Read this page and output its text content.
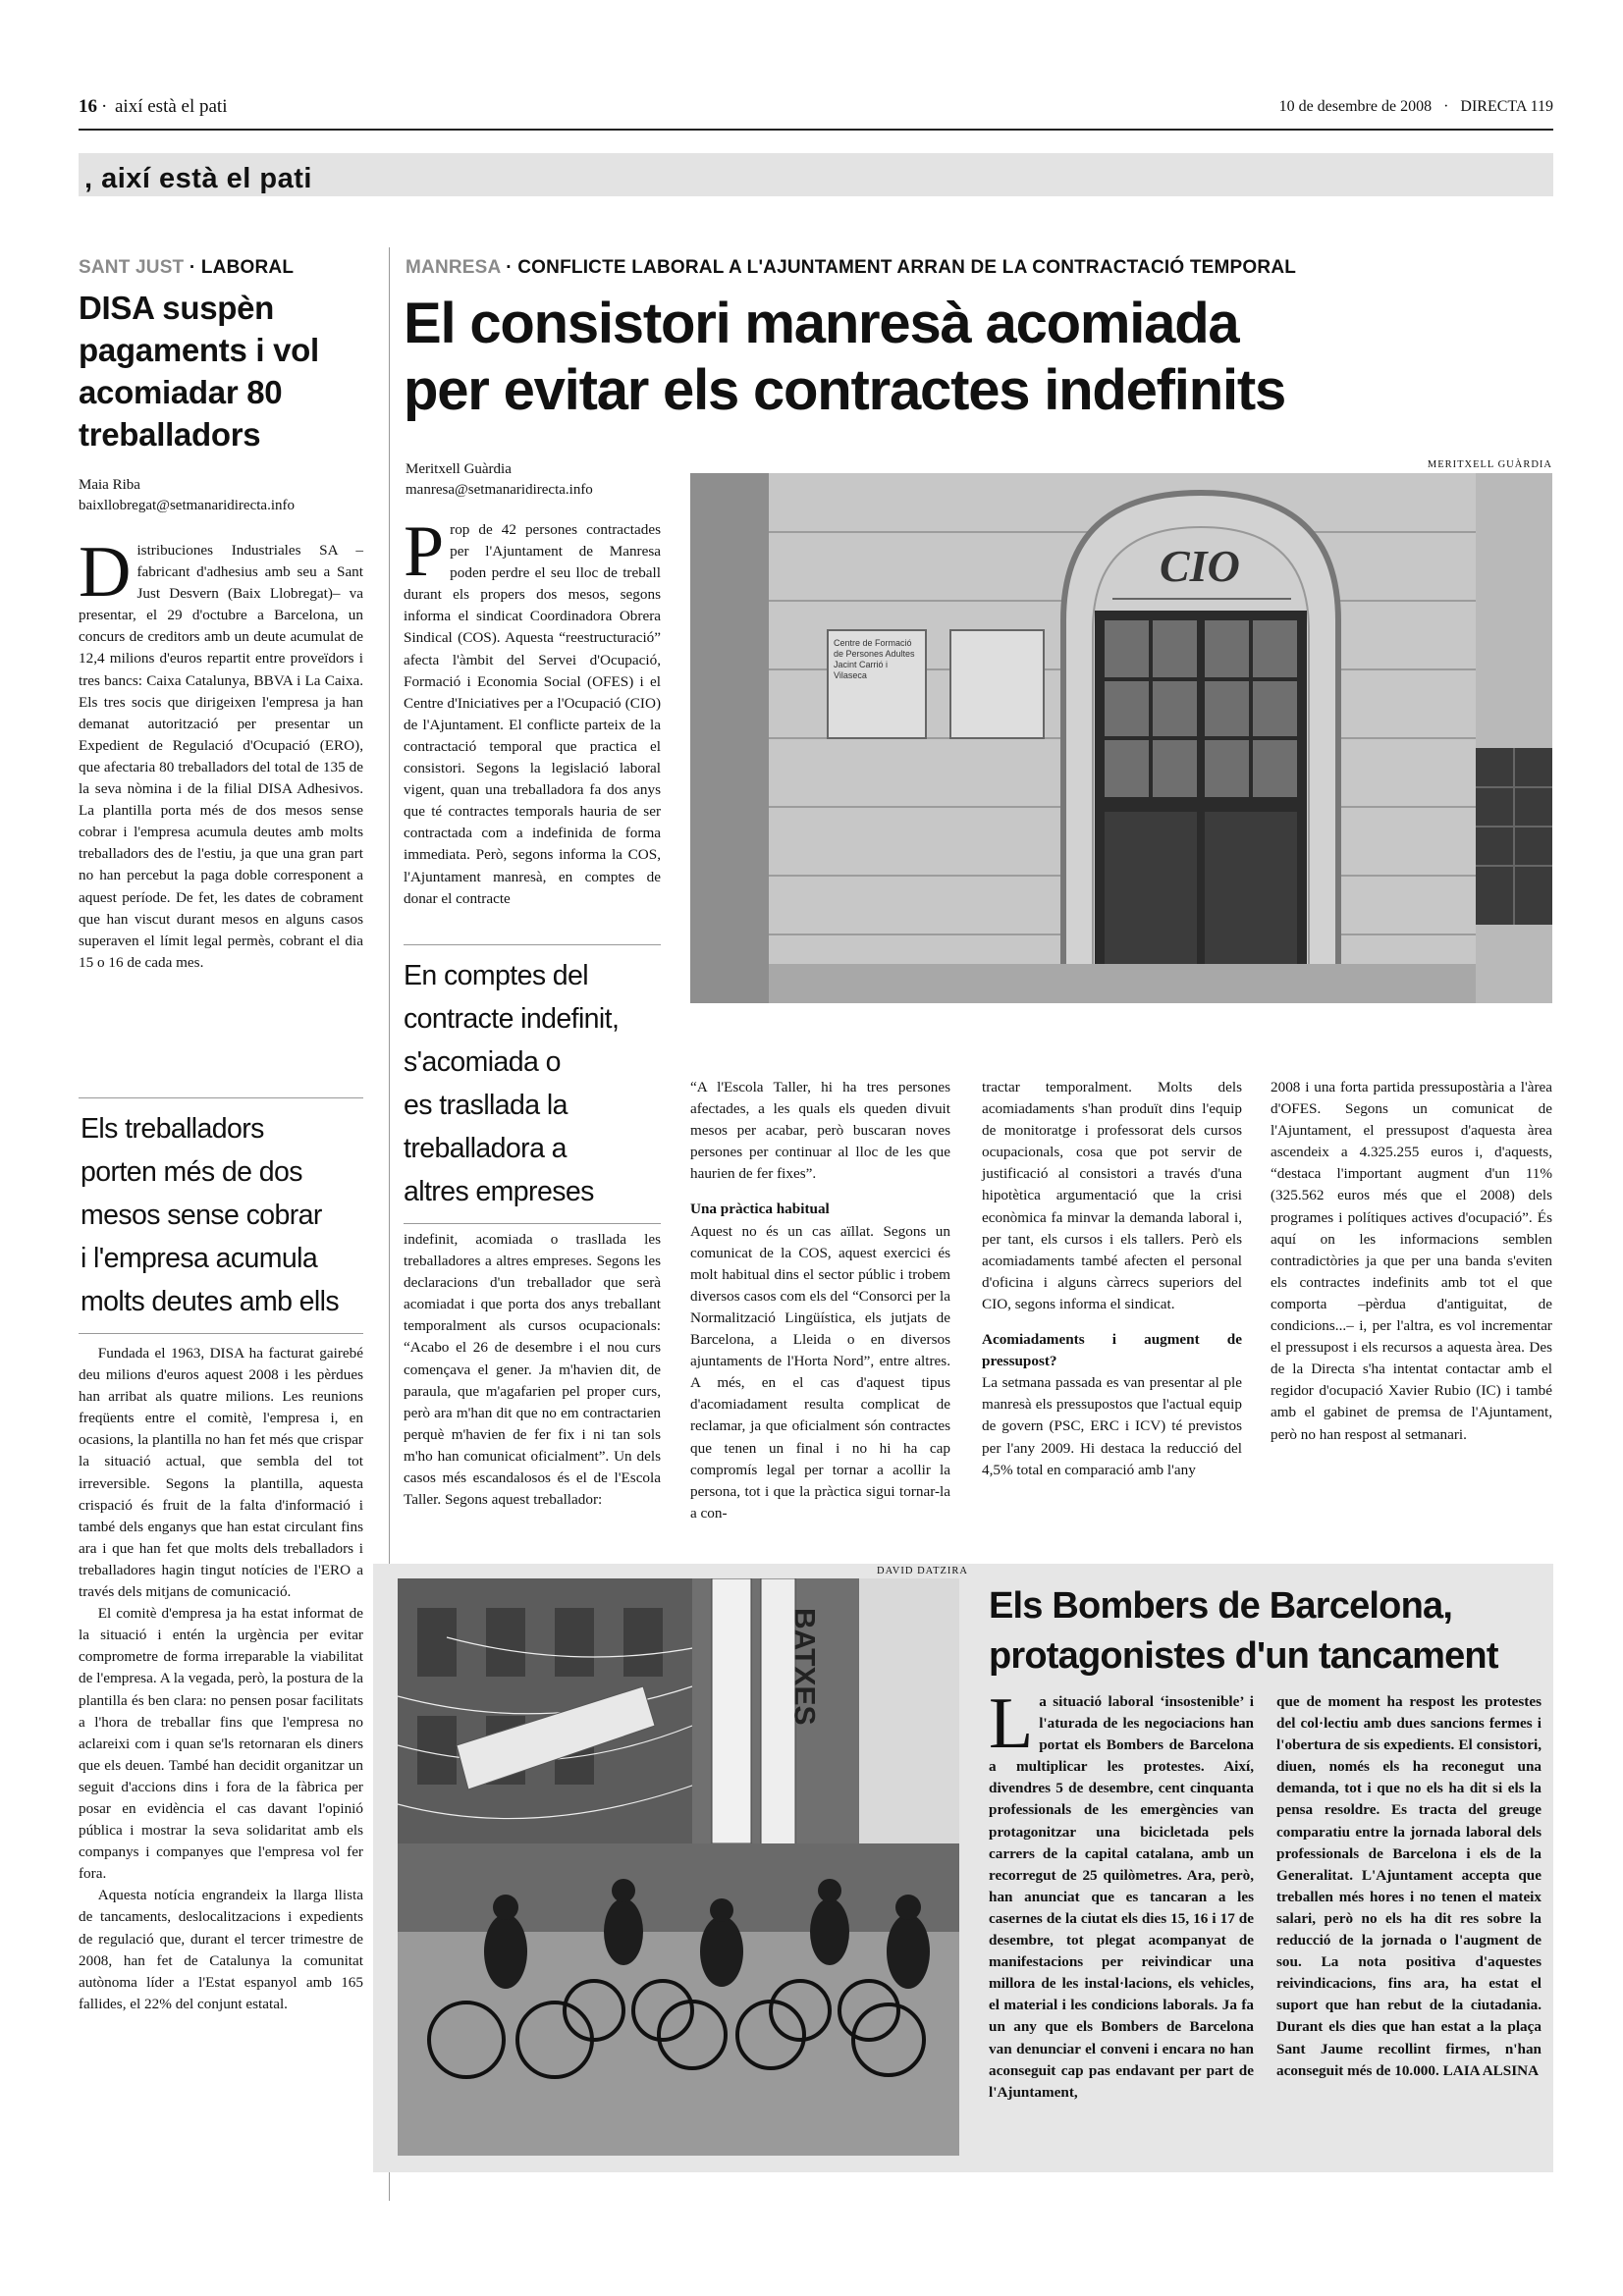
16 · així està el pati	10 de desembre de 2008 · DIRECTA 119
, així està el pati
SANT JUST · LABORAL
DISA suspèn
pagaments i vol
acomiadar 80
treballadors
Maia Riba
baixllobregat@setmanaridirecta.info

Distribuciones Industriales SA –fabricant d'adhesius amb seu a Sant Just Desvern (Baix Llobregat)– va presentar, el 29 d'octubre a Barcelona, un concurs de creditors amb un deute acumulat de 12,4 milions d'euros repartit entre proveïdors i tres bancs: Caixa Catalunya, BBVA i La Caixa. Els tres socis que dirigeixen l'empresa ja han demanat autorització per presentar un Expedient de Regulació d'Ocupació (ERO), que afectaria 80 treballadors del total de 135 de la seva nòmina i de la filial DISA Adhesivos. La plantilla porta més de dos mesos sense cobrar i l'empresa acumula deutes amb molts treballadors des de l'estiu, ja que una gran part no han percebut la paga doble corresponent a aquest període. De fet, les dates de cobrament que han viscut durant mesos en alguns casos superaven el límit legal permès, cobrant el dia 15 o 16 de cada mes.

Els treballadors
porten més de dos
mesos sense cobrar
i l'empresa acumula
molts deutes amb ells

Fundada el 1963, DISA ha facturat gairebé deu milions d'euros aquest 2008 i les pèrdues han arribat als quatre milions. Les reunions freqüents entre el comitè, l'empresa i, en ocasions, la plantilla no han fet més que crispar la situació actual, que sembla del tot irreversible. Segons la plantilla, aquesta crispació és fruit de la falta d'informació i també dels enganys que han estat circulant fins ara i que han fet que molts dels treballadors i treballadores hagin tingut notícies de l'ERO a través dels mitjans de comunicació.

El comitè d'empresa ja ha estat informat de la situació i entén la urgència per evitar comprometre de forma irreparable la viabilitat de l'empresa. A la vegada, però, la postura de la plantilla és ben clara: no pensen posar facilitats a l'hora de treballar fins que l'empresa no aclareixi com i quan se'ls retornaran els diners que els deuen. També han decidit organitzar un seguit d'accions dins i fora de la fàbrica per posar en evidència el cas davant l'opinió pública i mostrar la seva solidaritat amb els companys i companyes que l'empresa vol fer fora.

Aquesta notícia engrandeix la llarga llista de tancaments, deslocalitzacions i expedients de regulació que, durant el tercer trimestre de 2008, han fet de Catalunya la comunitat autònoma líder a l'Estat espanyol amb 165 fallides, el 22% del conjunt estatal.

MANRESA · CONFLICTE LABORAL A L'AJUNTAMENT ARRAN DE LA CONTRACTACIÓ TEMPORAL
El consistori manresà acomiada
per evitar els contractes indefinits
Meritxell Guàrdia
manresa@setmanaridirecta.info
MERITXELL GUÀRDIA
CIO
Centre de Formació de Persones Adultes Jacint Carrió i Vilaseca

Prop de 42 persones contractades per l'Ajuntament de Manresa poden perdre el seu lloc de treball durant els propers dos mesos, segons informa el sindicat Coordinadora Obrera Sindical (COS). Aquesta “reestructuració” afecta l'àmbit del Servei d'Ocupació, Formació i Economia Social (OFES) i el Centre d'Iniciatives per a l'Ocupació (CIO) de l'Ajuntament. El conflicte parteix de la contractació temporal que practica el consistori. Segons la legislació laboral vigent, quan una treballadora fa dos anys que té contractes temporals hauria de ser contractada com a indefinida de forma immediata. Però, segons informa la COS, l'Ajuntament manresà, en comptes de donar el contracte

En comptes del
contracte indefinit,
s'acomiada o
es trasllada la
treballadora a
altres empreses

indefinit, acomiada o trasllada les treballadores a altres empreses. Segons les declaracions d'un treballador que serà acomiadat i que porta dos anys treballant temporalment als cursos ocupacionals: “Acabo el 26 de desembre i el nou curs començava el gener. Ja m'havien dit, de paraula, que m'agafarien pel proper curs, però ara m'han dit que no em contractarien perquè m'havien de fer fix i ni tan sols m'ho han comunicat oficialment”. Un dels casos més escandalosos és el de l'Escola Taller. Segons aquest treballador:

“A l'Escola Taller, hi ha tres persones afectades, a les quals els queden divuit mesos per acabar, però buscaran noves persones per continuar al lloc de les que haurien de fer fixes”.

Una pràctica habitual

Aquest no és un cas aïllat. Segons un comunicat de la COS, aquest exercici és molt habitual dins el sector públic i trobem diversos casos com els del “Consorci per la Normalització Lingüística, els jutjats de Barcelona, a Lleida o en diversos ajuntaments de l'Horta Nord”, entre altres. A més, en el cas d'aquest tipus d'acomiadament resulta complicat de reclamar, ja que oficialment són contractes que tenen un final i no hi ha cap compromís legal per tornar a acollir la persona, tot i que la pràctica sigui tornar-la a con-

tractar temporalment. Molts dels acomiadaments s'han produït dins l'equip de monitoratge i professorat dels cursos ocupacionals, cosa que pot servir de justificació al consistori a través d'una hipotètica argumentació que la crisi econòmica fa minvar la demanda laboral i, per tant, els cursos i els tallers. Però els acomiadaments també afecten el personal d'oficina i alguns càrrecs superiors del CIO, segons informa el sindicat.

Acomiadaments i augment de pressupost?

La setmana passada es van presentar al ple manresà els pressupostos que l'actual equip de govern (PSC, ERC i ICV) té previstos per l'any 2009. Hi destaca la reducció del 4,5% total en comparació amb l'any

2008 i una forta partida pressupostària a l'àrea d'OFES. Segons un comunicat de l'Ajuntament, el pressupost d'aquesta àrea ascendeix a 4.325.255 euros i, d'aquests, “destaca l'important augment d'un 11% (325.562 euros més que el 2008) dels programes i polítiques actives d'ocupació”. És aquí on les informacions semblen contradictòries ja que per una banda s'eviten els contractes indefinits amb tot el que comporta –pèrdua d'antiguitat, de condicions...– i, per l'altra, es vol incrementar el pressupost i els recursos a aquesta àrea. Des de la Directa s'ha intentat contactar amb el regidor d'ocupació Xavier Rubio (IC) i també amb el gabinet de premsa de l'Ajuntament, però no han respost al setmanari.

DAVID DATZIRA
BATXES
Els Bombers de Barcelona,
protagonistes d'un tancament

La situació laboral ‘insostenible’ i l'aturada de les negociacions han portat els Bombers de Barcelona a multiplicar les protestes. Així, divendres 5 de desembre, cent cinquanta professionals de les emergències van protagonitzar una bicicletada pels carrers de la capital catalana, amb un recorregut de 25 quilòmetres. Ara, però, han anunciat que es tancaran a les casernes de la ciutat els dies 15, 16 i 17 de desembre, tot plegat acompanyat de manifestacions per reivindicar una millora de les instal·lacions, els vehicles, el material i les condicions laborals. Ja fa un any que els Bombers de Barcelona van denunciar el conveni i encara no han aconseguit cap pas endavant per part de l'Ajuntament,

que de moment ha respost les protestes del col·lectiu amb dues sancions fermes i l'obertura de sis expedients. El consistori, diuen, només els ha reconegut una demanda, tot i que no els ha dit si els la pensa resoldre. Es tracta del greuge comparatiu entre la jornada laboral dels professionals de Barcelona i els de la Generalitat. L'Ajuntament accepta que treballen més hores i no tenen el mateix salari, però no els ha dit res sobre la reducció de la jornada o l'augment de sou. La nota positiva d'aquestes reivindicacions, fins ara, ha estat el suport que han rebut de la ciutadania. Durant els dies que han estat a la plaça Sant Jaume recollint firmes, n'han aconseguit més de 10.000. LAIA ALSINA
